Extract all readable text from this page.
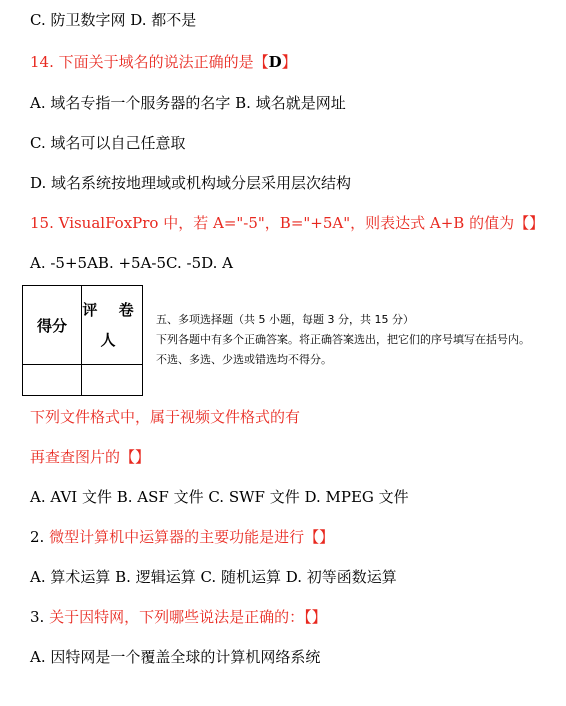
C. 防卫数字网 D. 都不是
14. 下面关于域名的说法正确的是【D】
A. 域名专指一个服务器的名字 B. 域名就是网址
C. 域名可以自己任意取
D. 域名系统按地理域或机构域分层采用层次结构
15. VisualFoxPro 中，若 A="-5"，B="+5A"，则表达式 A+B 的值为【】
A. -5+5AB. +5A-5C. -5D. A
得分	评 卷
人

五、多项选择题（共 5 小题，每题 3 分，共 15 分）
下列各题中有多个正确答案。将正确答案选出，把它们的序号填写在括号内。
不选、多选、少选或错选均不得分。
下列文件格式中，属于视频文件格式的有
再查查图片的【】
A. AVI 文件 B. ASF 文件 C. SWF 文件 D. MPEG 文件
2. 微型计算机中运算器的主要功能是进行【】
A. 算术运算 B. 逻辑运算 C. 随机运算 D. 初等函数运算
3. 关于因特网，下列哪些说法是正确的：【】
A. 因特网是一个覆盖全球的计算机网络系统
